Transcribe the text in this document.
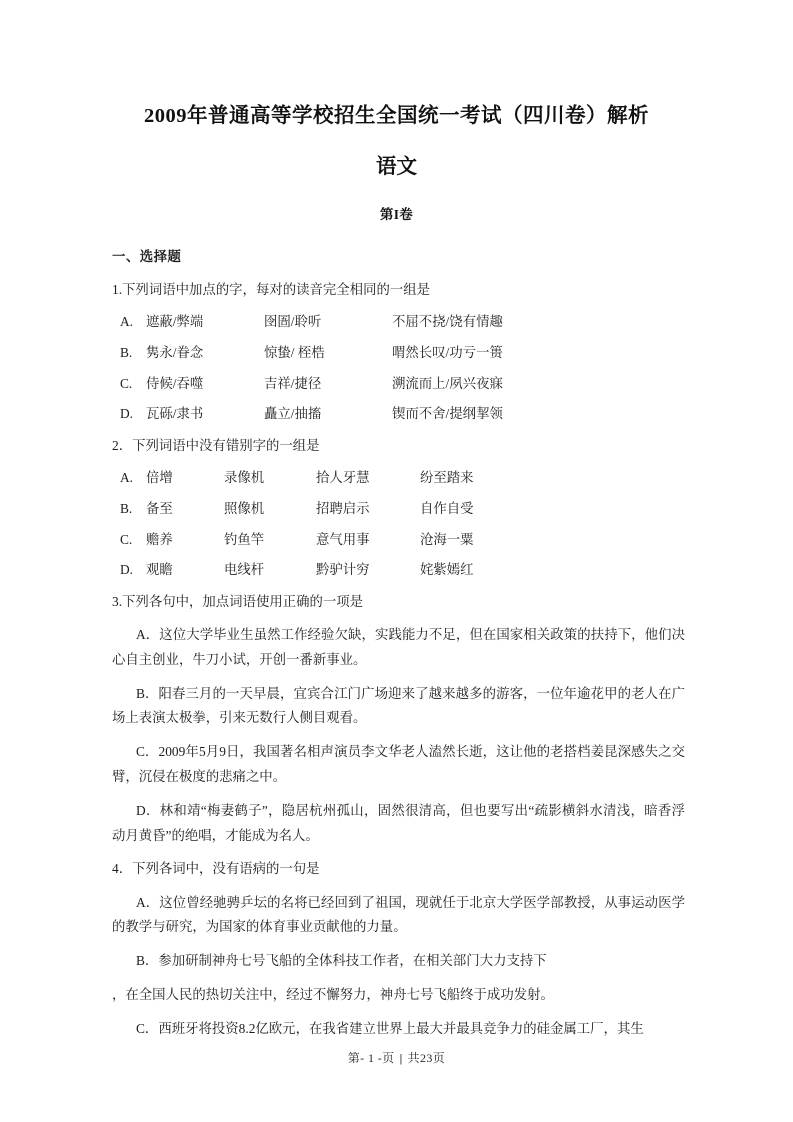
2009年普通高等学校招生全国统一考试（四川卷）解析
语文
第I卷
一、选择题

1.下列词语中加点的字，每对的读音完全相同的一组是

A. 遮蔽/弊端	囹圄/聆听	不屈不挠/饶有情趣
B.	隽永/眷念	惊蛰/ 桎梏	喟然长叹/功亏一篑
C.	侍候/吞噬	吉祥/捷径	溯流而上/夙兴夜寐
D. 瓦砾/隶书	矗立/抽搐	锲而不舍/提纲挈领

2．下列词语中没有错别字的一组是

A. 倍增	录像机	拾人牙慧	纷至踏来
B.	备至	照像机	招聘启示	自作自受
C.	赡养	钓鱼竿	意气用事	沧海一粟
D. 观瞻	电线杆	黔驴计穷	姹紫嫣红

3.下列各句中，加点词语使用正确的一项是

A．这位大学毕业生虽然工作经验欠缺，实践能力不足，但在国家相关政策的扶持下，他们决心自主创业，牛刀小试，开创一番新事业。

B．阳春三月的一天早晨，宜宾合江门广场迎来了越来越多的游客，一位年逾花甲的老人在广场上表演太极拳，引来无数行人侧目观看。

C．2009年5月9日，我国著名相声演员李文华老人溘然长逝，这让他的老搭档姜昆深感失之交臂，沉侵在极度的悲痛之中。

D．林和靖“梅妻鹤子”，隐居杭州孤山，固然很清高，但也要写出“疏影横斜水清浅，暗香浮动月黄昏”的绝唱，才能成为名人。

4．下列各词中，没有语病的一句是

A．这位曾经驰骋乒坛的名将已经回到了祖国，现就任于北京大学医学部教授，从事运动医学的教学与研究，为国家的体育事业贡献他的力量。

B．参加研制神舟七号飞船的全体科技工作者，在相关部门大力支持下

，在全国人民的热切关注中，经过不懈努力，神舟七号飞船终于成功发射。

C．西班牙将投资8.2亿欧元，在我省建立世界上最大并最具竞争力的硅金属工厂，其生

第- 1 -页 | 共23页
